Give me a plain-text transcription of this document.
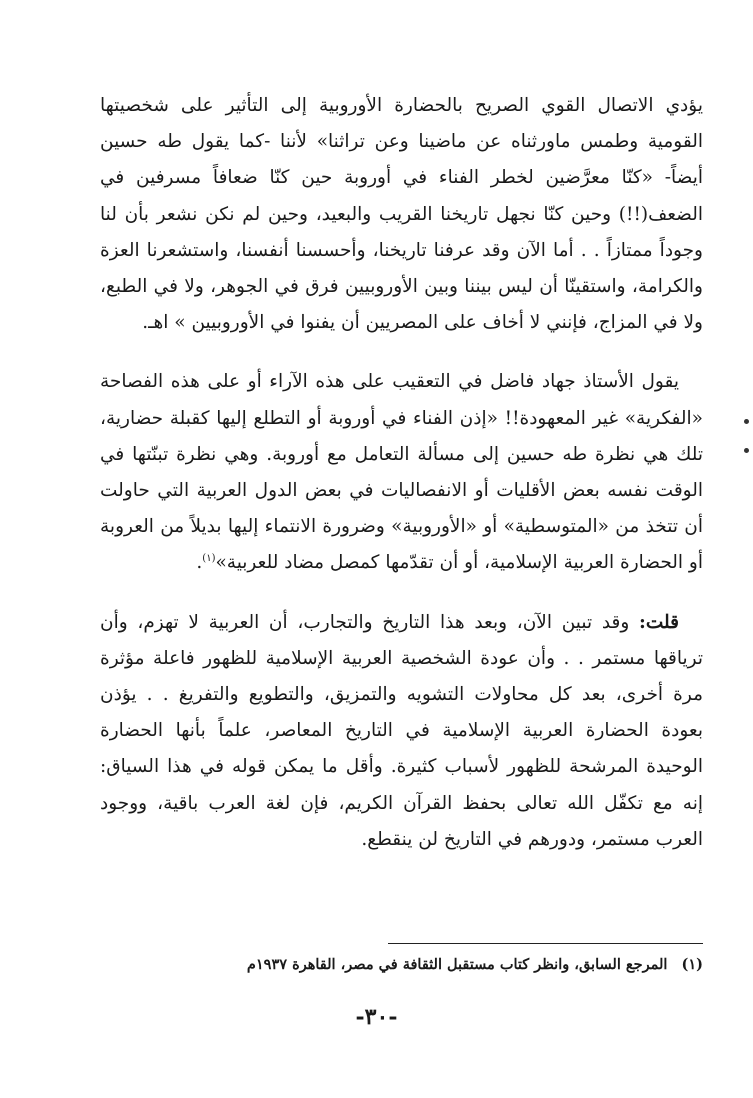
يؤدي الاتصال القوي الصريح بالحضارة الأوروبية إلى التأثير على شخصيتها القومية وطمس ماورثناه عن ماضينا وعن تراثنا» لأننا -كما يقول طه حسين أيضاً- «كنّا معرَّضين لخطر الفناء في أوروبة حين كنّا ضعافاً مسرفين في الضعف(!!) وحين كنّا نجهل تاريخنا القريب والبعيد، وحين لم نكن نشعر بأن لنا وجوداً ممتازاً . . أما الآن وقد عرفنا تاريخنا، وأحسسنا أنفسنا، واستشعرنا العزة والكرامة، واستقينّا أن ليس بيننا وبين الأوروبيين فرق في الجوهر، ولا في الطبع، ولا في المزاج، فإنني لا أخاف على المصريين أن يفنوا في الأوروبيين » اهـ.

يقول الأستاذ جهاد فاضل في التعقيب على هذه الآراء أو على هذه الفصاحة «الفكرية» غير المعهودة!! «إذن الفناء في أوروبة أو التطلع إليها كقبلة حضارية، تلك هي نظرة طه حسين إلى مسألة التعامل مع أوروبة. وهي نظرة تبنّتها في الوقت نفسه بعض الأقليات أو الانفصاليات في بعض الدول العربية التي حاولت أن تتخذ من «المتوسطية» أو «الأوروبية» وضرورة الانتماء إليها بديلاً من العروبة أو الحضارة العربية الإسلامية، أو أن تقدّمها كمصل مضاد للعربية»$^{(١)}$.

قلت: وقد تبين الآن، وبعد هذا التاريخ والتجارب، أن العربية لا تهزم، وأن ترياقها مستمر . . وأن عودة الشخصية العربية الإسلامية للظهور فاعلة مؤثرة مرة أخرى، بعد كل محاولات التشويه والتمزيق، والتطويع والتفريغ . . يؤذن بعودة الحضارة العربية الإسلامية في التاريخ المعاصر، علماً بأنها الحضارة الوحيدة المرشحة للظهور لأسباب كثيرة. وأقل ما يمكن قوله في هذا السياق: إنه مع تكفّل الله تعالى بحفظ القرآن الكريم، فإن لغة العرب باقية، ووجود العرب مستمر، ودورهم في التاريخ لن ينقطع.

(١)المرجع السابق، وانظر كتاب مستقبل الثقافة في مصر، القاهرة ١٩٣٧م
-٣٠-
